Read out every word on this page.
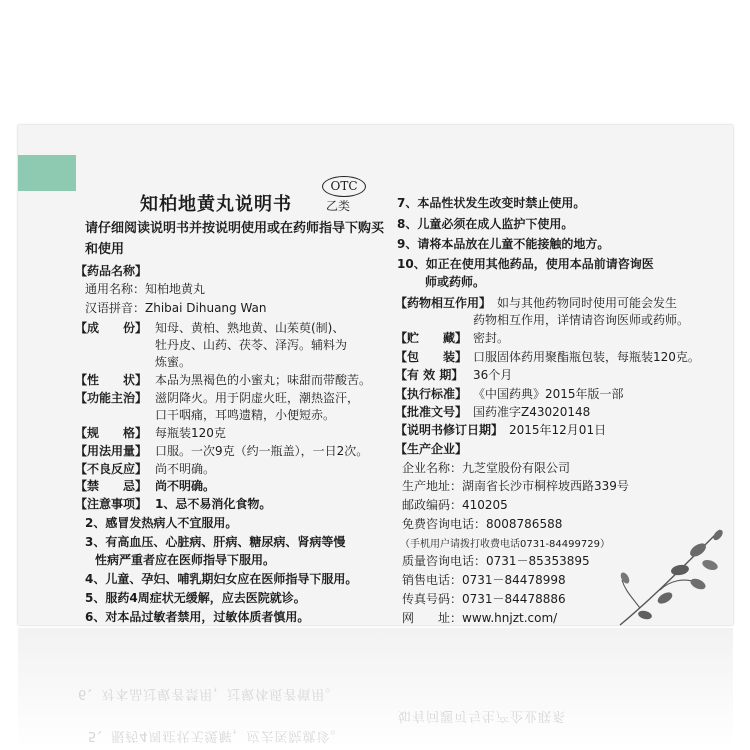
知柏地黄丸说明书
OTC
乙类
请仔细阅读说明书并按说明使用或在药师指导下购买和使用
【药品名称】
通用名称：知柏地黄丸
汉语拼音：Zhibai Dihuang Wan
【成　　份】 知母、黄柏、熟地黄、山茱萸(制)、
牡丹皮、山药、茯苓、泽泻。辅料为
炼蜜。
【性　　状】 本品为黑褐色的小蜜丸；味甜而带酸苦。
【功能主治】 滋阴降火。用于阴虚火旺，潮热盗汗，
口干咽痛，耳鸣遗精，小便短赤。
【规　　格】 每瓶装120克
【用法用量】 口服。一次9克（约一瓶盖），一日2次。
【不良反应】 尚不明确。
【禁　　忌】 尚不明确。
【注意事项】 1、忌不易消化食物。
2、感冒发热病人不宜服用。
3、有高血压、心脏病、肝病、糖尿病、肾病等慢
性病严重者应在医师指导下服用。
4、儿童、孕妇、哺乳期妇女应在医师指导下服用。
5、服药4周症状无缓解，应去医院就诊。
6、对本品过敏者禁用，过敏体质者慎用。
7、本品性状发生改变时禁止使用。
8、儿童必须在成人监护下使用。
9、请将本品放在儿童不能接触的地方。
10、如正在使用其他药品，使用本品前请咨询医
师或药师。
【药物相互作用】 如与其他药物同时使用可能会发生
药物相互作用，详情请咨询医师或药师。
【贮　　藏】 密封。
【包　　装】 口服固体药用聚酯瓶包装，每瓶装120克。
【有 效 期】 36个月
【执行标准】 《中国药典》2015年版一部
【批准文号】 国药准字Z43020148
【说明书修订日期】 2015年12月01日
【生产企业】
企业名称：九芝堂股份有限公司
生产地址：湖南省长沙市桐梓坡西路339号
邮政编码：410205
免费咨询电话：8008786588
（手机用户请拨打收费电话0731-84499729）
质量咨询电话：0731－85353895
销售电话：0731－84478998
传真号码：0731－84478886
网　　址：www.hnjzt.com/
6、对本品过敏者禁用，过敏体质者慎用。
如有问题可与生产企业联系
5、服药4周症状无缓解，应去医院就诊。
